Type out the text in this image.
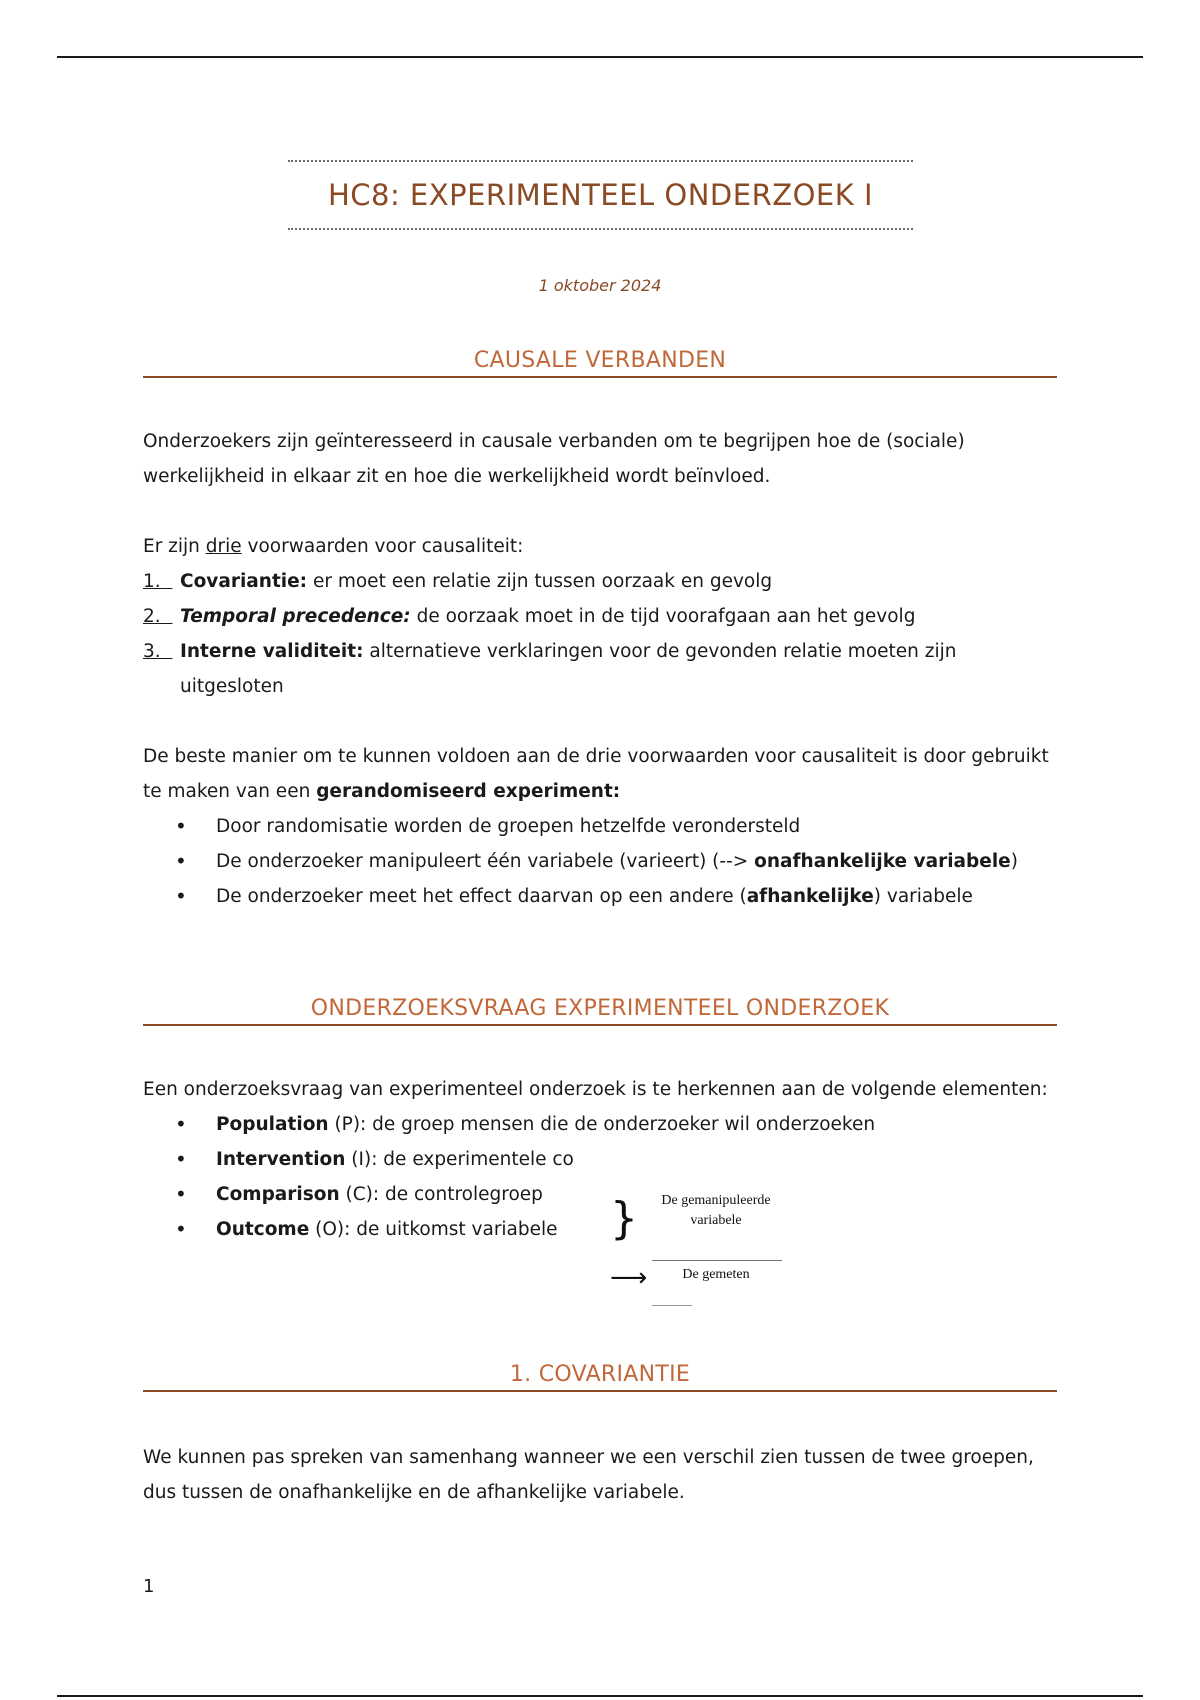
HC8: EXPERIMENTEEL ONDERZOEK I
1 oktober 2024
CAUSALE VERBANDEN

Onderzoekers zijn geïnteresseerd in causale verbanden om te begrijpen hoe de (sociale) werkelijkheid in elkaar zit en hoe die werkelijkheid wordt beïnvloed.

Er zijn drie voorwaarden voor causaliteit:

1. Covariantie: er moet een relatie zijn tussen oorzaak en gevolg
2. Temporal precedence: de oorzaak moet in de tijd voorafgaan aan het gevolg
3. Interne validiteit: alternatieve verklaringen voor de gevonden relatie moeten zijn uitgesloten

De beste manier om te kunnen voldoen aan de drie voorwaarden voor causaliteit is door gebruikt te maken van een gerandomiseerd experiment:

• Door randomisatie worden de groepen hetzelfde verondersteld
• De onderzoeker manipuleert één variabele (varieert) (--> onafhankelijke variabele)
• De onderzoeker meet het effect daarvan op een andere (afhankelijke) variabele
ONDERZOEKSVRAAG EXPERIMENTEEL ONDERZOEK

Een onderzoeksvraag van experimenteel onderzoek is te herkennen aan de volgende elementen:

• Population (P): de groep mensen die de onderzoeker wil onderzoeken
• Intervention (I): de experimentele co
• Comparison (C): de controlegroep
• Outcome (O): de uitkomst variabele	}	De gemanipuleerde variabele
⟶	De gemeten
1. COVARIANTIE

We kunnen pas spreken van samenhang wanneer we een verschil zien tussen de twee groepen, dus tussen de onafhankelijke en de afhankelijke variabele.

1
